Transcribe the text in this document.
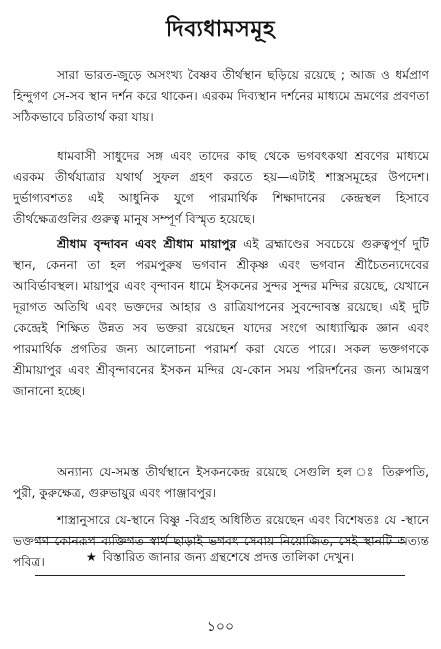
দিব্যধামসমূহ

সারা ভারত-জুড়ে অসংখ্য বৈষ্ণব তীর্থস্থান ছড়িয়ে রয়েছে ; আজ ও ধর্মপ্রাণ হিন্দুগণ সে-সব স্থান দর্শন করে থাকেন। এরকম দিব্যস্থান দর্শনের মাধ্যমে ভ্রমণের প্রবণতা সঠিকভাবে চরিতার্থ করা যায়।

ধামবাসী সাধুদের সঙ্গ এবং তাদের কাছ থেকে ভগবৎকথা শ্রবণের মাধ্যমে এরকম তীর্থযাত্রার যথার্থ সুফল গ্রহণ করতে হয়—এটাই শাস্ত্রসমূহের উপদেশ। দুর্ভাগ্যবশতঃ এই আধুনিক যুগে পারমার্থিক শিক্ষাদানের কেন্দ্রস্থল হিসাবে তীর্থক্ষেত্রগুলির গুরুত্ব মানুষ সম্পূর্ণ বিস্মৃত হয়েছে।

শ্রীধাম বৃন্দাবন এবং শ্রীধাম মায়াপুর এই ব্রহ্মাণ্ডের সবচেয়ে গুরুত্বপূর্ণ দুটি স্থান, কেননা তা হল পরমপুরুষ ভগবান শ্রীকৃষ্ণ এবং ভগবান শ্রীচৈতন্যদেবের আবির্ভাবস্থল। মায়াপুর এবং বৃন্দাবন ধামে ইসকনের সুন্দর সুন্দর মন্দির রয়েছে, যেখানে দূরাগত অতিথি এবং ভক্তদের আহার ও রাত্রিযাপনের সুবন্দোবস্ত রয়েছে। এই দুটি কেন্দ্রেই শিক্ষিত উন্নত সব ভক্তরা রয়েছেন যাদের সংগে আধ্যাত্মিক জ্ঞান এবং পারমার্থিক প্রগতির জন্য আলোচনা পরামর্শ করা যেতে পারে। সকল ভক্তগণকে শ্রীমায়াপুর এবং শ্রীবৃন্দাবনের ইসকন মন্দির যে-কোন সময় পরিদর্শনের জন্য আমন্ত্রণ জানানো হচ্ছে।

অন্যান্য যে-সমস্ত তীর্থস্থানে ইসকনকেন্দ্র রয়েছে সেগুলি হল ঃ তিরুপতি, পুরী, কুরুক্ষেত্র, গুরুভায়ুর এবং পাঞ্জাবপুর।

শাস্ত্রানুসারে যে-স্থানে বিষ্ণু -বিগ্রহ অধিষ্ঠিত রয়েছেন এবং বিশেষতঃ যে -স্থানে ভক্তগণ কোনরূপ ব্যক্তিগত স্বার্থ ছাড়াই ভগবৎ সেবায় নিয়োজিত, সেই স্থানটি অত্যন্ত পবিত্র।	★ বিস্তারিত জানার জন্য গ্রন্থশেষে প্রদত্ত তালিকা দেখুন।
১০০
